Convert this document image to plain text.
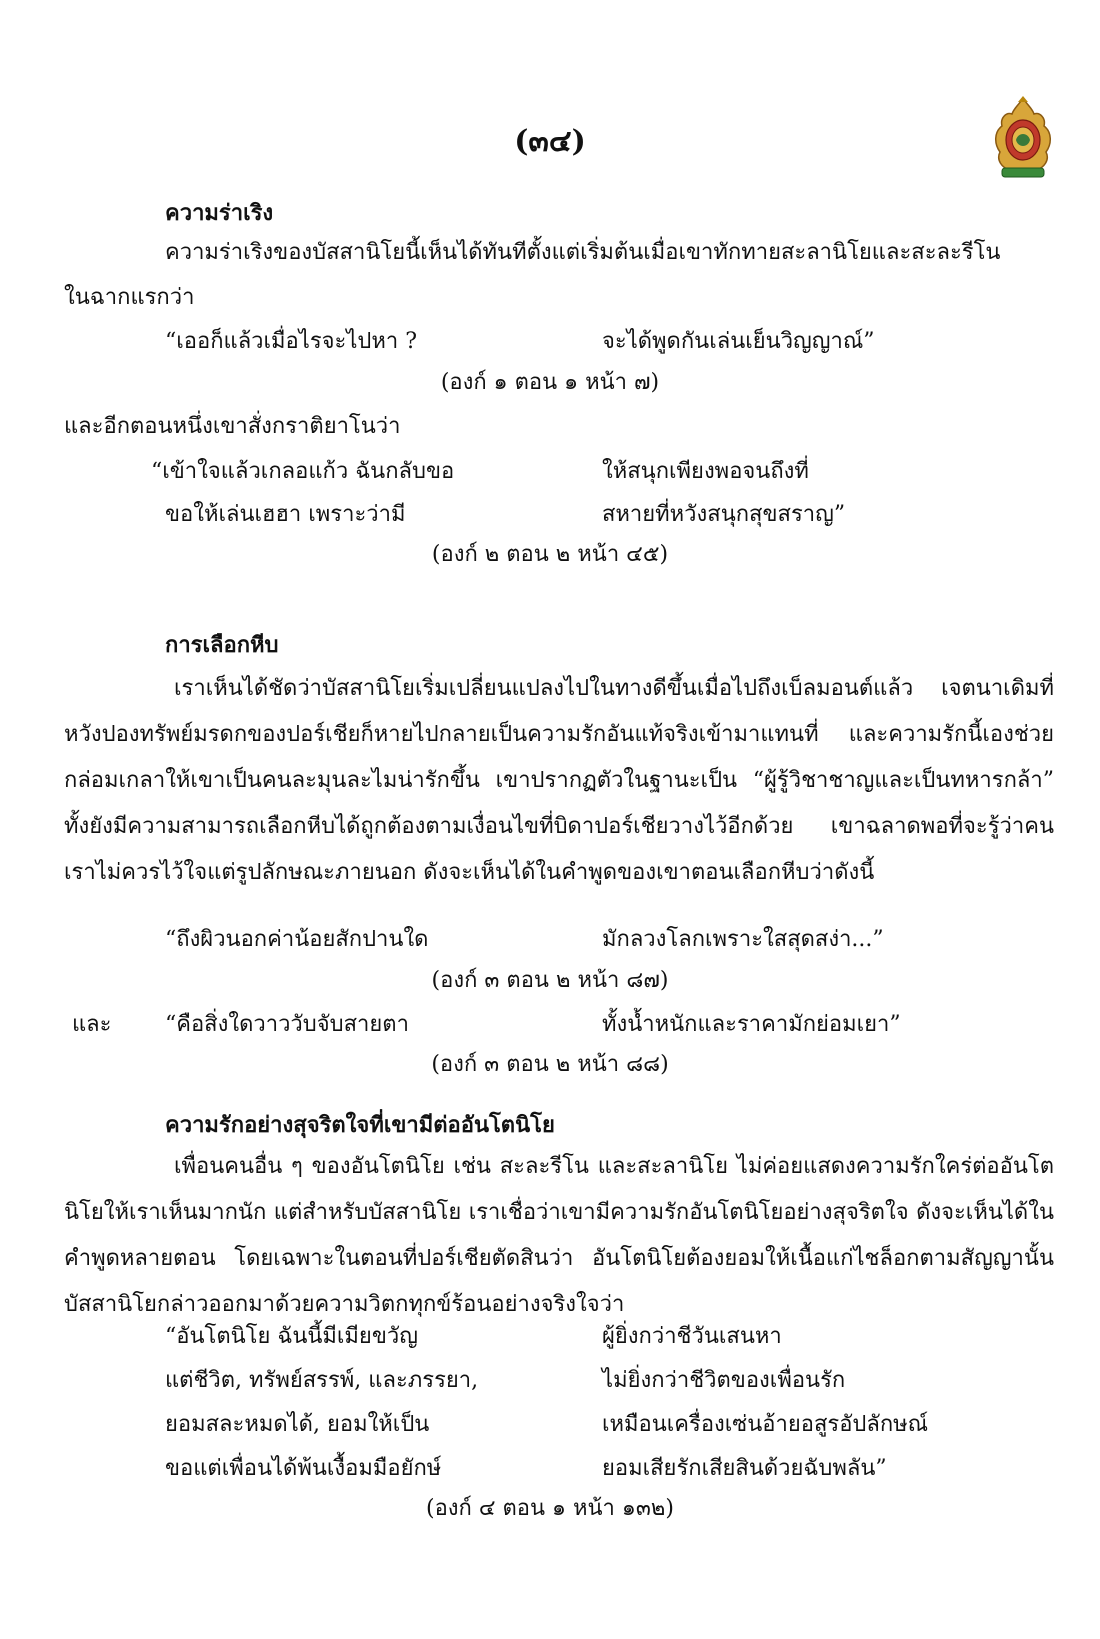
(๓๔)
ความร่าเริง
ความร่าเริงของบัสสานิโยนี้เห็นได้ทันทีตั้งแต่เริ่มต้นเมื่อเขาทักทายสะลานิโยและสะละรีโน
ในฉากแรกว่า
“เออก็แล้วเมื่อไรจะไปหา ?	จะได้พูดกันเล่นเย็นวิญญาณ์”
(องก์ ๑ ตอน ๑ หน้า ๗)
และอีกตอนหนึ่งเขาสั่งกราติยาโนว่า
“เข้าใจแล้วเกลอแก้ว ฉันกลับขอ	ให้สนุกเพียงพอจนถึงที่
ขอให้เล่นเฮฮา เพราะว่ามี	สหายที่หวังสนุกสุขสราญ”
(องก์ ๒ ตอน ๒ หน้า ๔๕)
การเลือกหีบ
เราเห็นได้ชัดว่าบัสสานิโยเริ่มเปลี่ยนแปลงไปในทางดีขึ้นเมื่อไปถึงเบ็ลมอนต์แล้ว เจตนาเดิมที่หวังปองทรัพย์มรดกของปอร์เชียก็หายไปกลายเป็นความรักอันแท้จริงเข้ามาแทนที่ และความรักนี้เองช่วยกล่อมเกลาให้เขาเป็นคนละมุนละไมน่ารักขึ้น เขาปรากฏตัวในฐานะเป็น “ผู้รู้วิชาชาญและเป็นทหารกล้า” ทั้งยังมีความสามารถเลือกหีบได้ถูกต้องตามเงื่อนไขที่บิดาปอร์เชียวางไว้อีกด้วย เขาฉลาดพอที่จะรู้ว่าคนเราไม่ควรไว้ใจแต่รูปลักษณะภายนอก ดังจะเห็นได้ในคำพูดของเขาตอนเลือกหีบว่าดังนี้
“ถึงผิวนอกค่าน้อยสักปานใด	มักลวงโลกเพราะใสสุดสง่า...”
(องก์ ๓ ตอน ๒ หน้า ๘๗)
และ “คือสิ่งใดวาววับจับสายตา	ทั้งน้ำหนักและราคามักย่อมเยา”
(องก์ ๓ ตอน ๒ หน้า ๘๘)
ความรักอย่างสุจริตใจที่เขามีต่ออันโตนิโย
เพื่อนคนอื่น ๆ ของอันโตนิโย เช่น สะละรีโน และสะลานิโย ไม่ค่อยแสดงความรักใคร่ต่ออันโตนิโยให้เราเห็นมากนัก แต่สำหรับบัสสานิโย เราเชื่อว่าเขามีความรักอันโตนิโยอย่างสุจริตใจ ดังจะเห็นได้ในคำพูดหลายตอน โดยเฉพาะในตอนที่ปอร์เชียตัดสินว่า อันโตนิโยต้องยอมให้เนื้อแก่ไชล็อกตามสัญญานั้น บัสสานิโยกล่าวออกมาด้วยความวิตกทุกข์ร้อนอย่างจริงใจว่า
“อันโตนิโย ฉันนี้มีเมียขวัญ	ผู้ยิ่งกว่าชีวันเสนหา
แต่ชีวิต, ทรัพย์สรรพ์, และภรรยา,	ไม่ยิ่งกว่าชีวิตของเพื่อนรัก
ยอมสละหมดได้, ยอมให้เป็น	เหมือนเครื่องเซ่นอ้ายอสูรอัปลักษณ์
ขอแต่เพื่อนได้พ้นเงื้อมมือยักษ์	ยอมเสียรักเสียสินด้วยฉับพลัน”
(องก์ ๔ ตอน ๑ หน้า ๑๓๒)
